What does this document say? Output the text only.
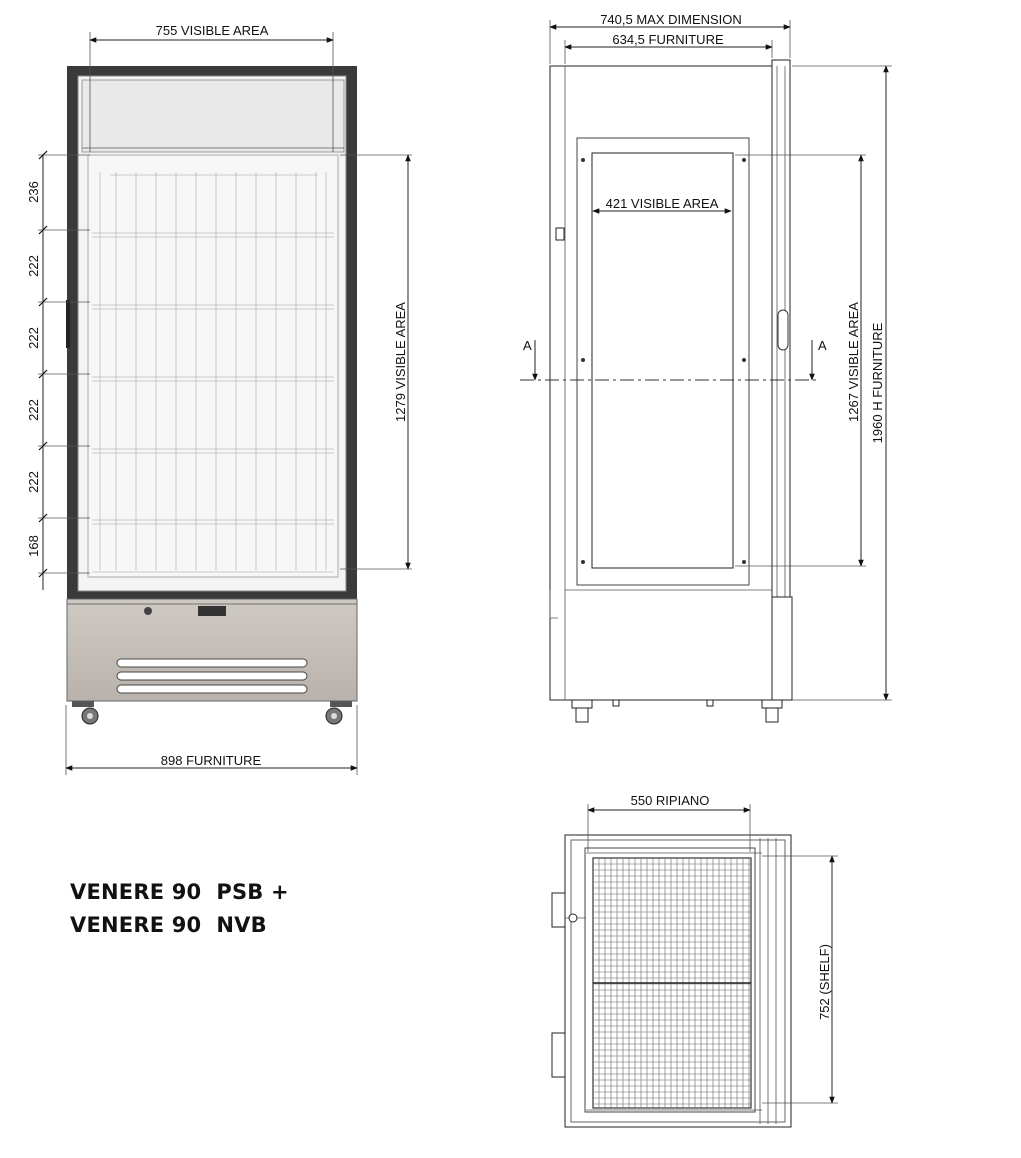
755 VISIBLE AREA
898 FURNITURE
1279 VISIBLE AREA
236
222
222
222
222
168
A	A
740,5 MAX DIMENSION
634,5 FURNITURE
421 VISIBLE AREA
1267 VISIBLE AREA 1960 H FURNITURE
550 RIPIANO
752 (SHELF)
VENERE 90  PSB +
VENERE 90  NVB
